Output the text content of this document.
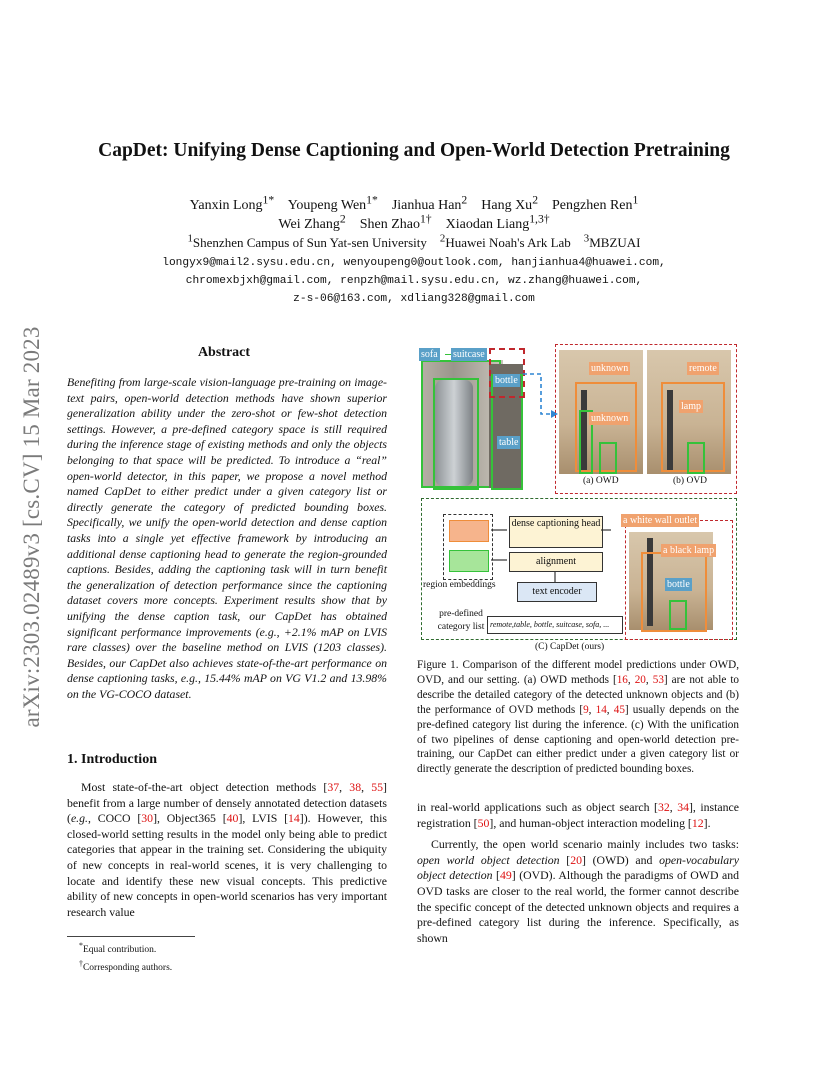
arXiv:2303.02489v3 [cs.CV] 15 Mar 2023
CapDet: Unifying Dense Captioning and Open-World Detection Pretraining
Yanxin Long$^{1*}$ Youpeng Wen$^{1*}$ Jianhua Han$^2$ Hang Xu$^2$ Pengzhen Ren$^1$
Wei Zhang$^2$ Shen Zhao$^{1\dagger}$ Xiaodan Liang$^{1,3\dagger}$
$^1$Shenzhen Campus of Sun Yat-sen University $^2$Huawei Noah's Ark Lab $^3$MBZUAI
longyx9@mail2.sysu.edu.cn, wenyoupeng0@outlook.com, hanjianhua4@huawei.com,
chromexbjxh@gmail.com, renpzh@mail.sysu.edu.cn, wz.zhang@huawei.com,
z-s-06@163.com, xdliang328@gmail.com
Abstract
Benefiting from large-scale vision-language pre-training on image-text pairs, open-world detection methods have shown superior generalization ability under the zero-shot or few-shot detection settings. However, a pre-defined category space is still required during the inference stage of existing methods and only the objects belonging to that space will be predicted. To introduce a “real” open-world detector, in this paper, we propose a novel method named CapDet to either predict under a given category list or directly generate the category of predicted bounding boxes. Specifically, we unify the open-world detection and dense caption tasks into a single yet effective framework by introducing an additional dense captioning head to generate the region-grounded captions. Besides, adding the captioning task will in turn benefit the generalization of detection performance since the captioning dataset covers more concepts. Experiment results show that by unifying the dense caption task, our CapDet has obtained significant performance improvements (e.g., +2.1% mAP on LVIS rare classes) over the baseline method on LVIS (1203 classes). Besides, our CapDet also achieves state-of-the-art performance on dense captioning tasks, e.g., 15.44% mAP on VG V1.2 and 13.98% on the VG-COCO dataset.
1. Introduction
Most state-of-the-art object detection methods [37, 38, 55] benefit from a large number of densely annotated detection datasets (e.g., COCO [30], Object365 [40], LVIS [14]). However, this closed-world setting results in the model only being able to predict categories that appear in the training set. Considering the ubiquity of new concepts in real-world scenes, it is very challenging to locate and identify these new visual concepts. This predictive ability of new concepts in open-world scenarios has very important research value
*Equal contribution.
†Corresponding authors.
sofa suitcase
bottle
table
unknown
unknown
remote
lamp
(a) OWD	(b) OVD
region embeddings
dense captioning head
alignment
text encoder
pre-defined category list remote,table, bottle, suitcase, sofa, ...
a white wall outlet
a black lamp
bottle
(C) CapDet (ours)
Figure 1. Comparison of the different model predictions under OWD, OVD, and our setting. (a) OWD methods [16, 20, 53] are not able to describe the detailed category of the detected unknown objects and (b) the performance of OVD methods [9, 14, 45] usually depends on the pre-defined category list during the inference. (c) With the unification of two pipelines of dense captioning and open-world detection pre-training, our CapDet can either predict under a given category list or directly generate the description of predicted bounding boxes.
in real-world applications such as object search [32, 34], instance registration [50], and human-object interaction modeling [12].
Currently, the open world scenario mainly includes two tasks: open world object detection [20] (OWD) and open-vocabulary object detection [49] (OVD). Although the paradigms of OWD and OVD tasks are closer to the real world, the former cannot describe the specific concept of the detected unknown objects and requires a pre-defined category list during the inference. Specifically, as shown
